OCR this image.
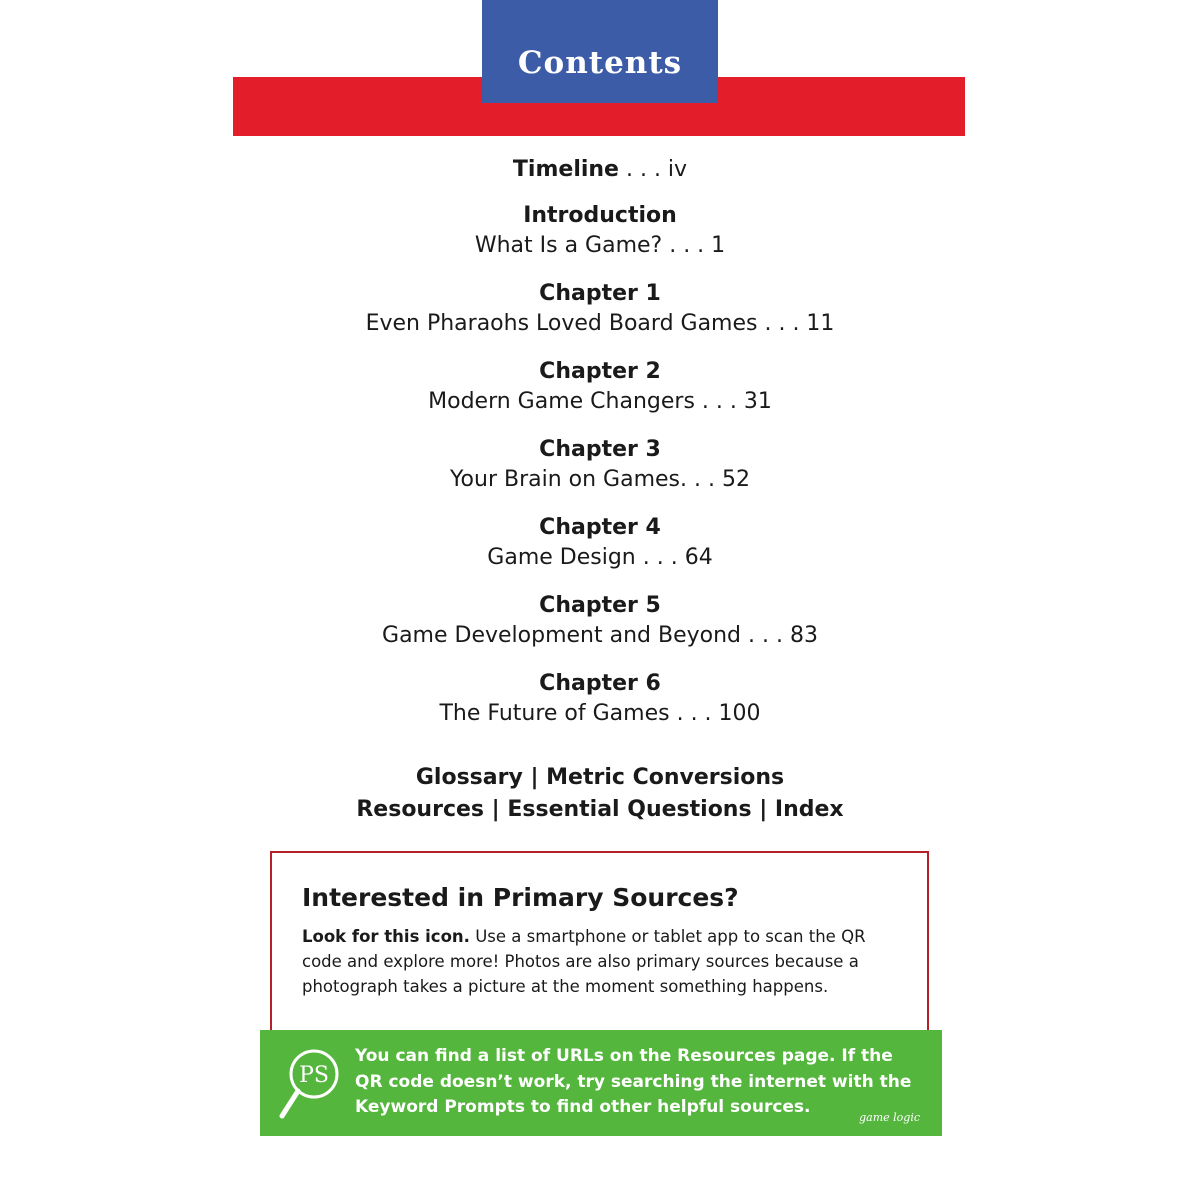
Contents
Timeline . . . iv
Introduction
What Is a Game? . . . 1
Chapter 1
Even Pharaohs Loved Board Games . . . 11
Chapter 2
Modern Game Changers . . . 31
Chapter 3
Your Brain on Games. . . 52
Chapter 4
Game Design . . . 64
Chapter 5
Game Development and Beyond . . . 83
Chapter 6
The Future of Games . . . 100
Glossary | Metric Conversions
Resources | Essential Questions | Index
Interested in Primary Sources?

Look for this icon. Use a smartphone or tablet app to scan the QR code and explore more! Photos are also primary sources because a photograph takes a picture at the moment something happens.

PS
You can find a list of URLs on the Resources page. If the QR code doesn’t work, try searching the internet with the Keyword Prompts to find other helpful sources.
game logic
